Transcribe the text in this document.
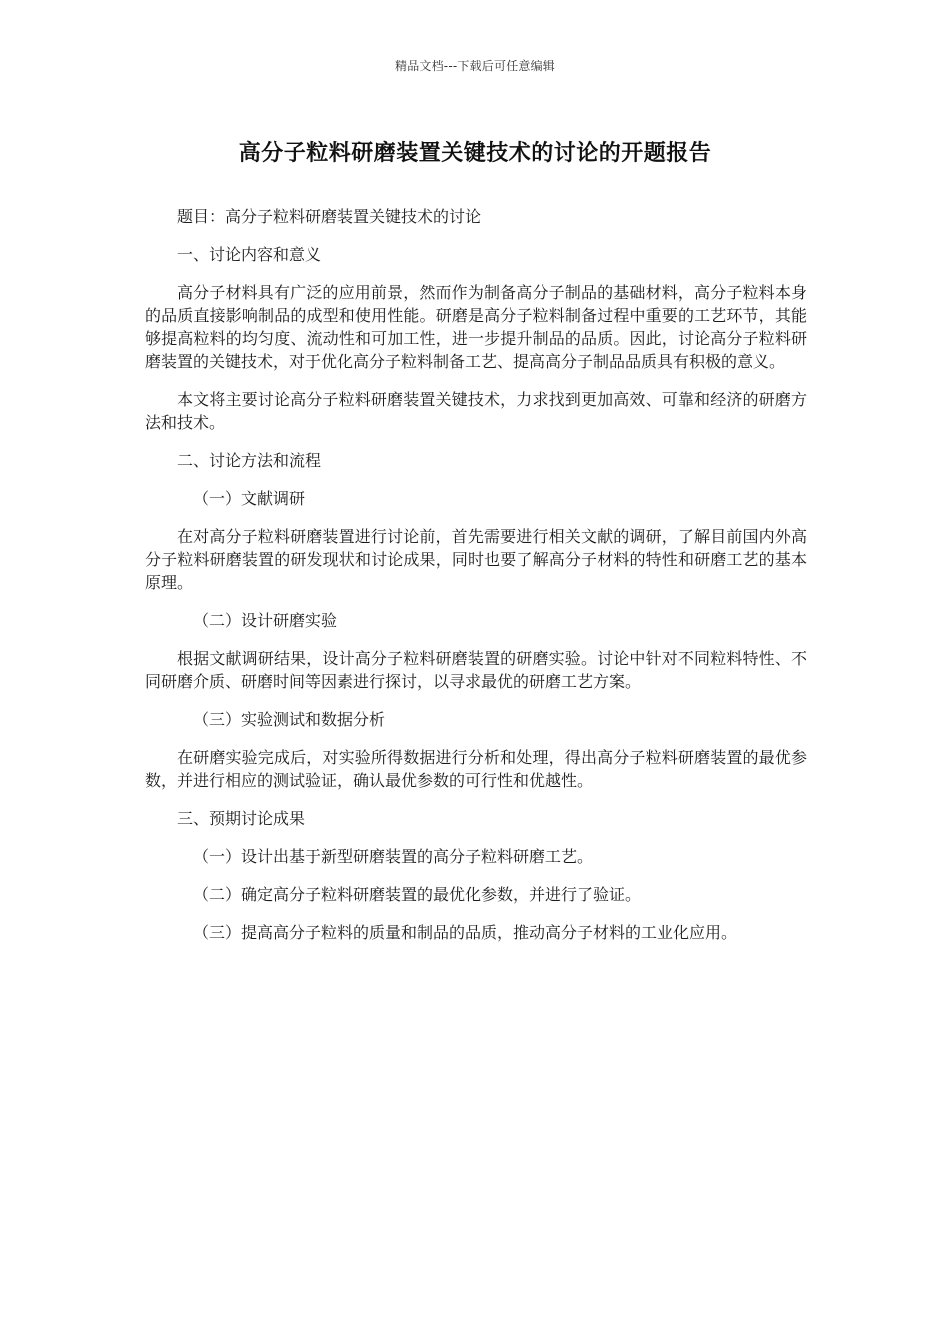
精品文档---下载后可任意编辑
高分子粒料研磨装置关键技术的讨论的开题报告

题目：高分子粒料研磨装置关键技术的讨论

一、讨论内容和意义

高分子材料具有广泛的应用前景，然而作为制备高分子制品的基础材料，高分子粒料本身的品质直接影响制品的成型和使用性能。研磨是高分子粒料制备过程中重要的工艺环节，其能够提高粒料的均匀度、流动性和可加工性，进一步提升制品的品质。因此，讨论高分子粒料研磨装置的关键技术，对于优化高分子粒料制备工艺、提高高分子制品品质具有积极的意义。

本文将主要讨论高分子粒料研磨装置关键技术，力求找到更加高效、可靠和经济的研磨方法和技术。

二、讨论方法和流程

（一）文献调研

在对高分子粒料研磨装置进行讨论前，首先需要进行相关文献的调研，了解目前国内外高分子粒料研磨装置的研发现状和讨论成果，同时也要了解高分子材料的特性和研磨工艺的基本原理。

（二）设计研磨实验

根据文献调研结果，设计高分子粒料研磨装置的研磨实验。讨论中针对不同粒料特性、不同研磨介质、研磨时间等因素进行探讨，以寻求最优的研磨工艺方案。

（三）实验测试和数据分析

在研磨实验完成后，对实验所得数据进行分析和处理，得出高分子粒料研磨装置的最优参数，并进行相应的测试验证，确认最优参数的可行性和优越性。

三、预期讨论成果

（一）设计出基于新型研磨装置的高分子粒料研磨工艺。

（二）确定高分子粒料研磨装置的最优化参数，并进行了验证。

（三）提高高分子粒料的质量和制品的品质，推动高分子材料的工业化应用。
